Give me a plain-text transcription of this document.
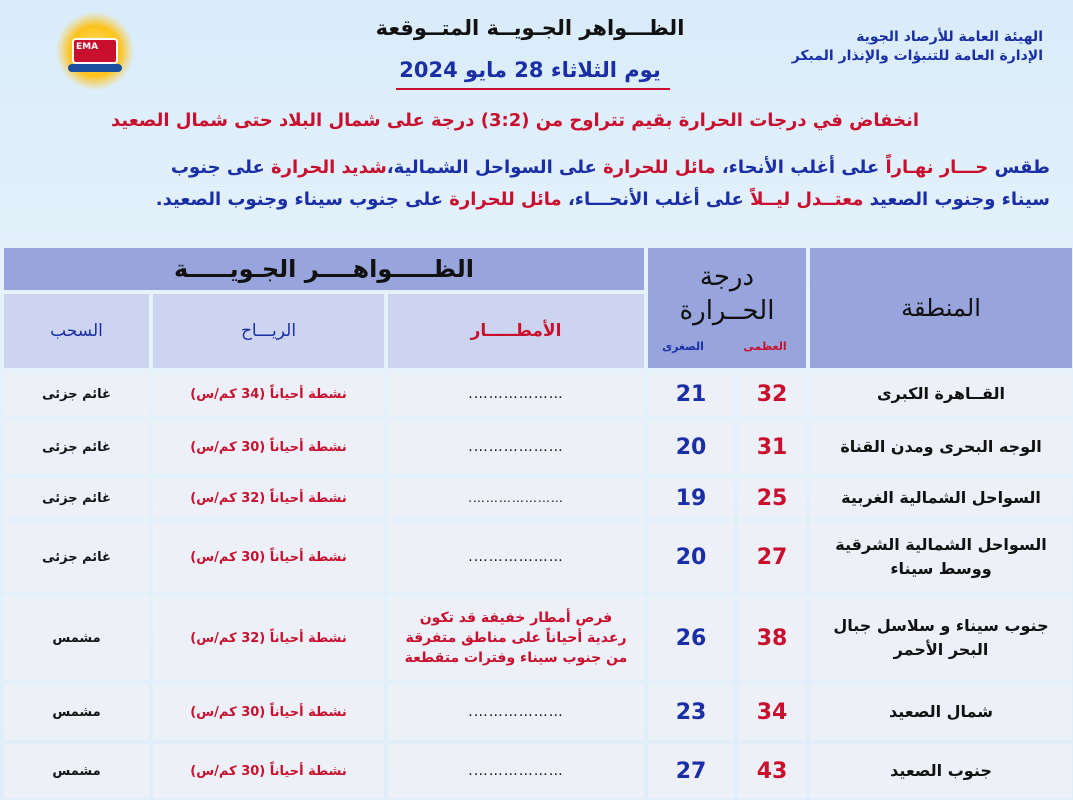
EMA
الهيئة العامة للأرصاد الجوية
الإدارة العامة للتنبؤات والإنذار المبكر
الظـــواهر الجـويــة المتــوقعة
يوم الثلاثاء 28 مايو 2024
انخفاض في درجات الحرارة بقيم تتراوح من (3:2) درجة على شمال البلاد حتى شمال الصعيد
طقس حـــار نهـاراً على أغلب الأنحاء، مائل للحرارة على السواحل الشمالية،شديد الحرارة على جنوب سيناء وجنوب الصعيد معتــدل ليــلاً على أغلب الأنحـــاء، مائل للحرارة على جنوب سيناء وجنوب الصعيد.
الظـــــواهــــر الجـويـــــة	درجة
الحــرارة
العظمى
الصغرى
المنطقة
الأمطـــــار
الريـــاح
السحب
القــاهرة الكبرى
32
21
……………….
نشطة أحياناً (34 كم/س)
غائم جزئى
الوجه البحرى ومدن القناة
31
20
……………….
نشطة أحياناً (30 كم/س)
غائم جزئى
السواحل الشمالية الغربية
25
19
………………….
نشطة أحياناً (32 كم/س)
غائم جزئى
السواحل الشمالية الشرقية ووسط سيناء
27
20
……………….
نشطة أحياناً (30 كم/س)
غائم جزئى
جنوب سيناء و سلاسل جبال البحر الأحمر
38
26
فرص أمطار خفيفة قد تكون رعدية أحياناً على مناطق متفرقة من جنوب سيناء وفترات متقطعة
نشطة أحياناً (32 كم/س)
مشمس
شمال الصعيد
34
23
……………….
نشطة أحياناً (30 كم/س)
مشمس
جنوب الصعيد
43
27
……………….
نشطة أحياناً (30 كم/س)
مشمس
